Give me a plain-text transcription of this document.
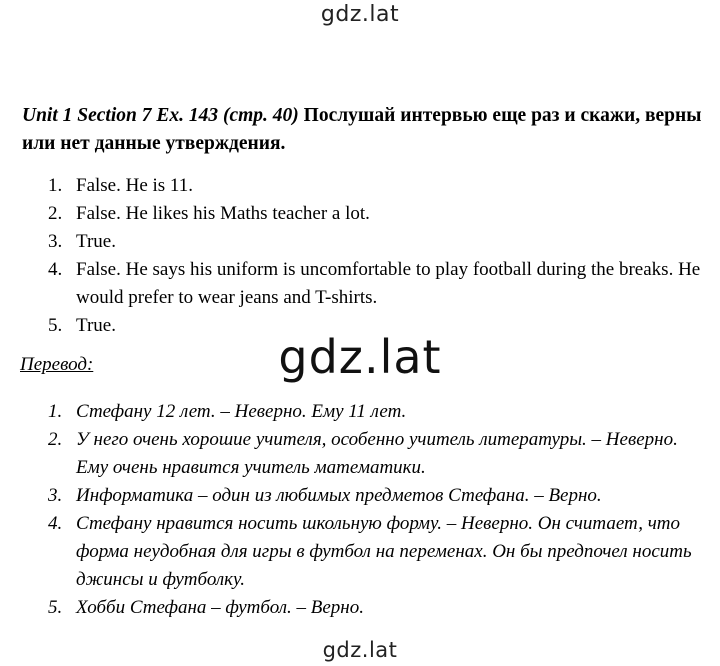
gdz.lat
Unit 1 Section 7 Ex. 143 (стр. 40) Послушай интервью еще раз и скажи, верны или нет данные утверждения.
1. False. He is 11.
2. False. He likes his Maths teacher a lot.
3. True.
4. False. He says his uniform is uncomfortable to play football during the breaks. He would prefer to wear jeans and T-shirts.
5. True.
gdz.lat
Перевод:
1. Стефану 12 лет. – Неверно. Ему 11 лет.
2. У него очень хорошие учителя, особенно учитель литературы. – Неверно. Ему очень нравится учитель математики.
3. Информатика – один из любимых предметов Стефана. – Верно.
4. Стефану нравится носить школьную форму. – Неверно. Он считает, что форма неудобная для игры в футбол на переменах. Он бы предпочел носить джинсы и футболку.
5. Хобби Стефана – футбол. – Верно.
gdz.lat
